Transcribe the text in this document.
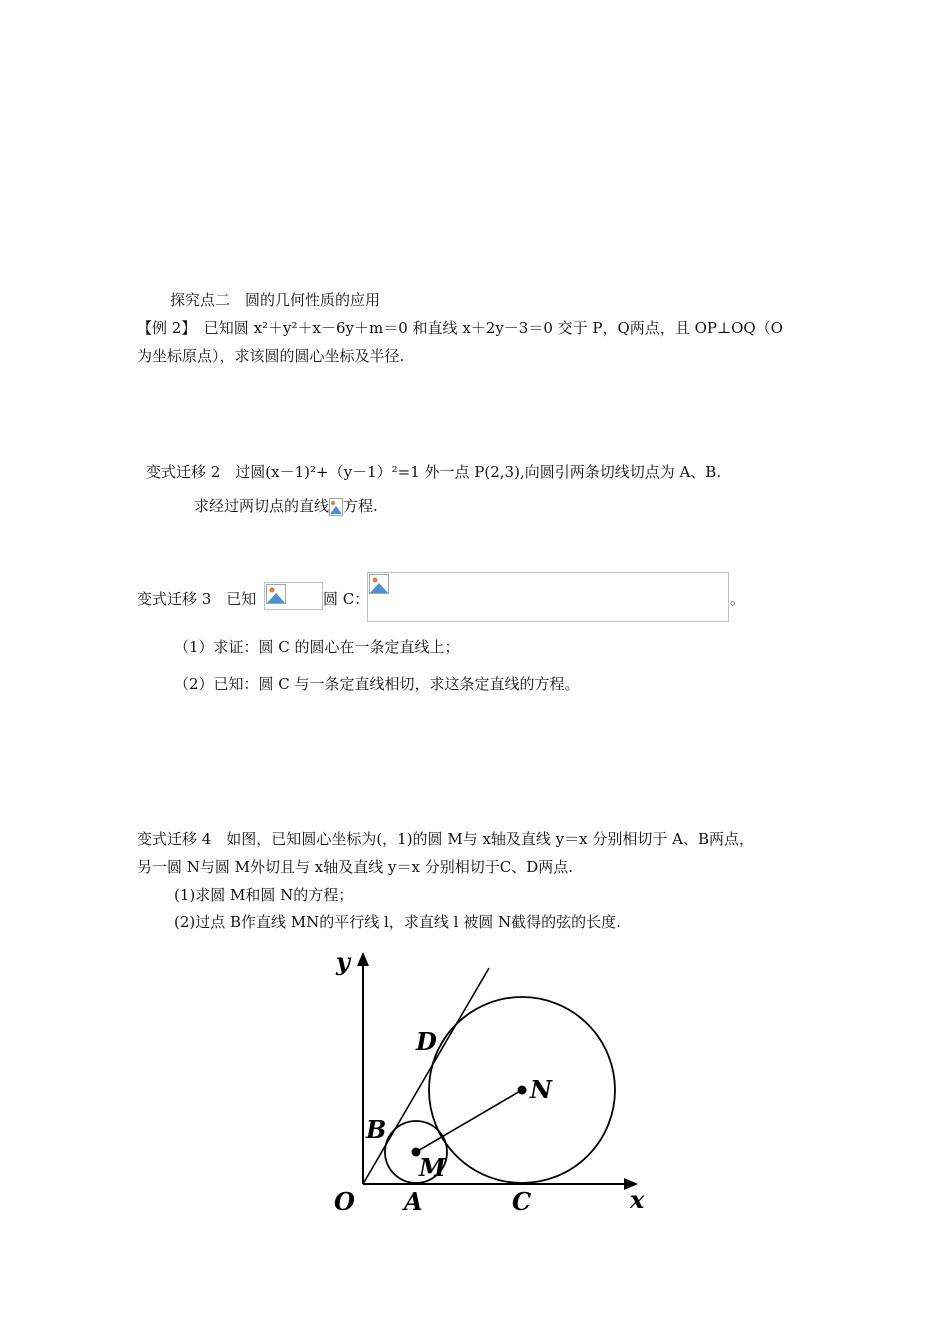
探究点二　圆的几何性质的应用
【例 2】　已知圆 x²＋y²＋x－6y＋m＝0 和直线 x＋2y－3＝0 交于 P，Q两点，且 OP⊥OQ（O
为坐标原点），求该圆的圆心坐标及半径.
变式迁移 2　过圆(x－1)²+（y－1）²=1 外一点 P(2,3),向圆引两条切线切点为 A、B.
求经过两切点的直线 方程.
变式迁移 3　已知	圆 C：	。
（1）求证：圆 C 的圆心在一条定直线上；
（2）已知：圆 C 与一条定直线相切，求这条定直线的方程。
变式迁移 4　如图，已知圆心坐标为(，1)的圆 M与 x轴及直线 y＝x 分别相切于 A、B两点，
另一圆 N与圆 M外切且与 x轴及直线 y＝x 分别相切于C、D两点.
(1)求圆 M和圆 N的方程；
(2)过点 B作直线 MN的平行线 l，求直线 l 被圆 N截得的弦的长度.
y
x
O A	C
B
D
M
N
